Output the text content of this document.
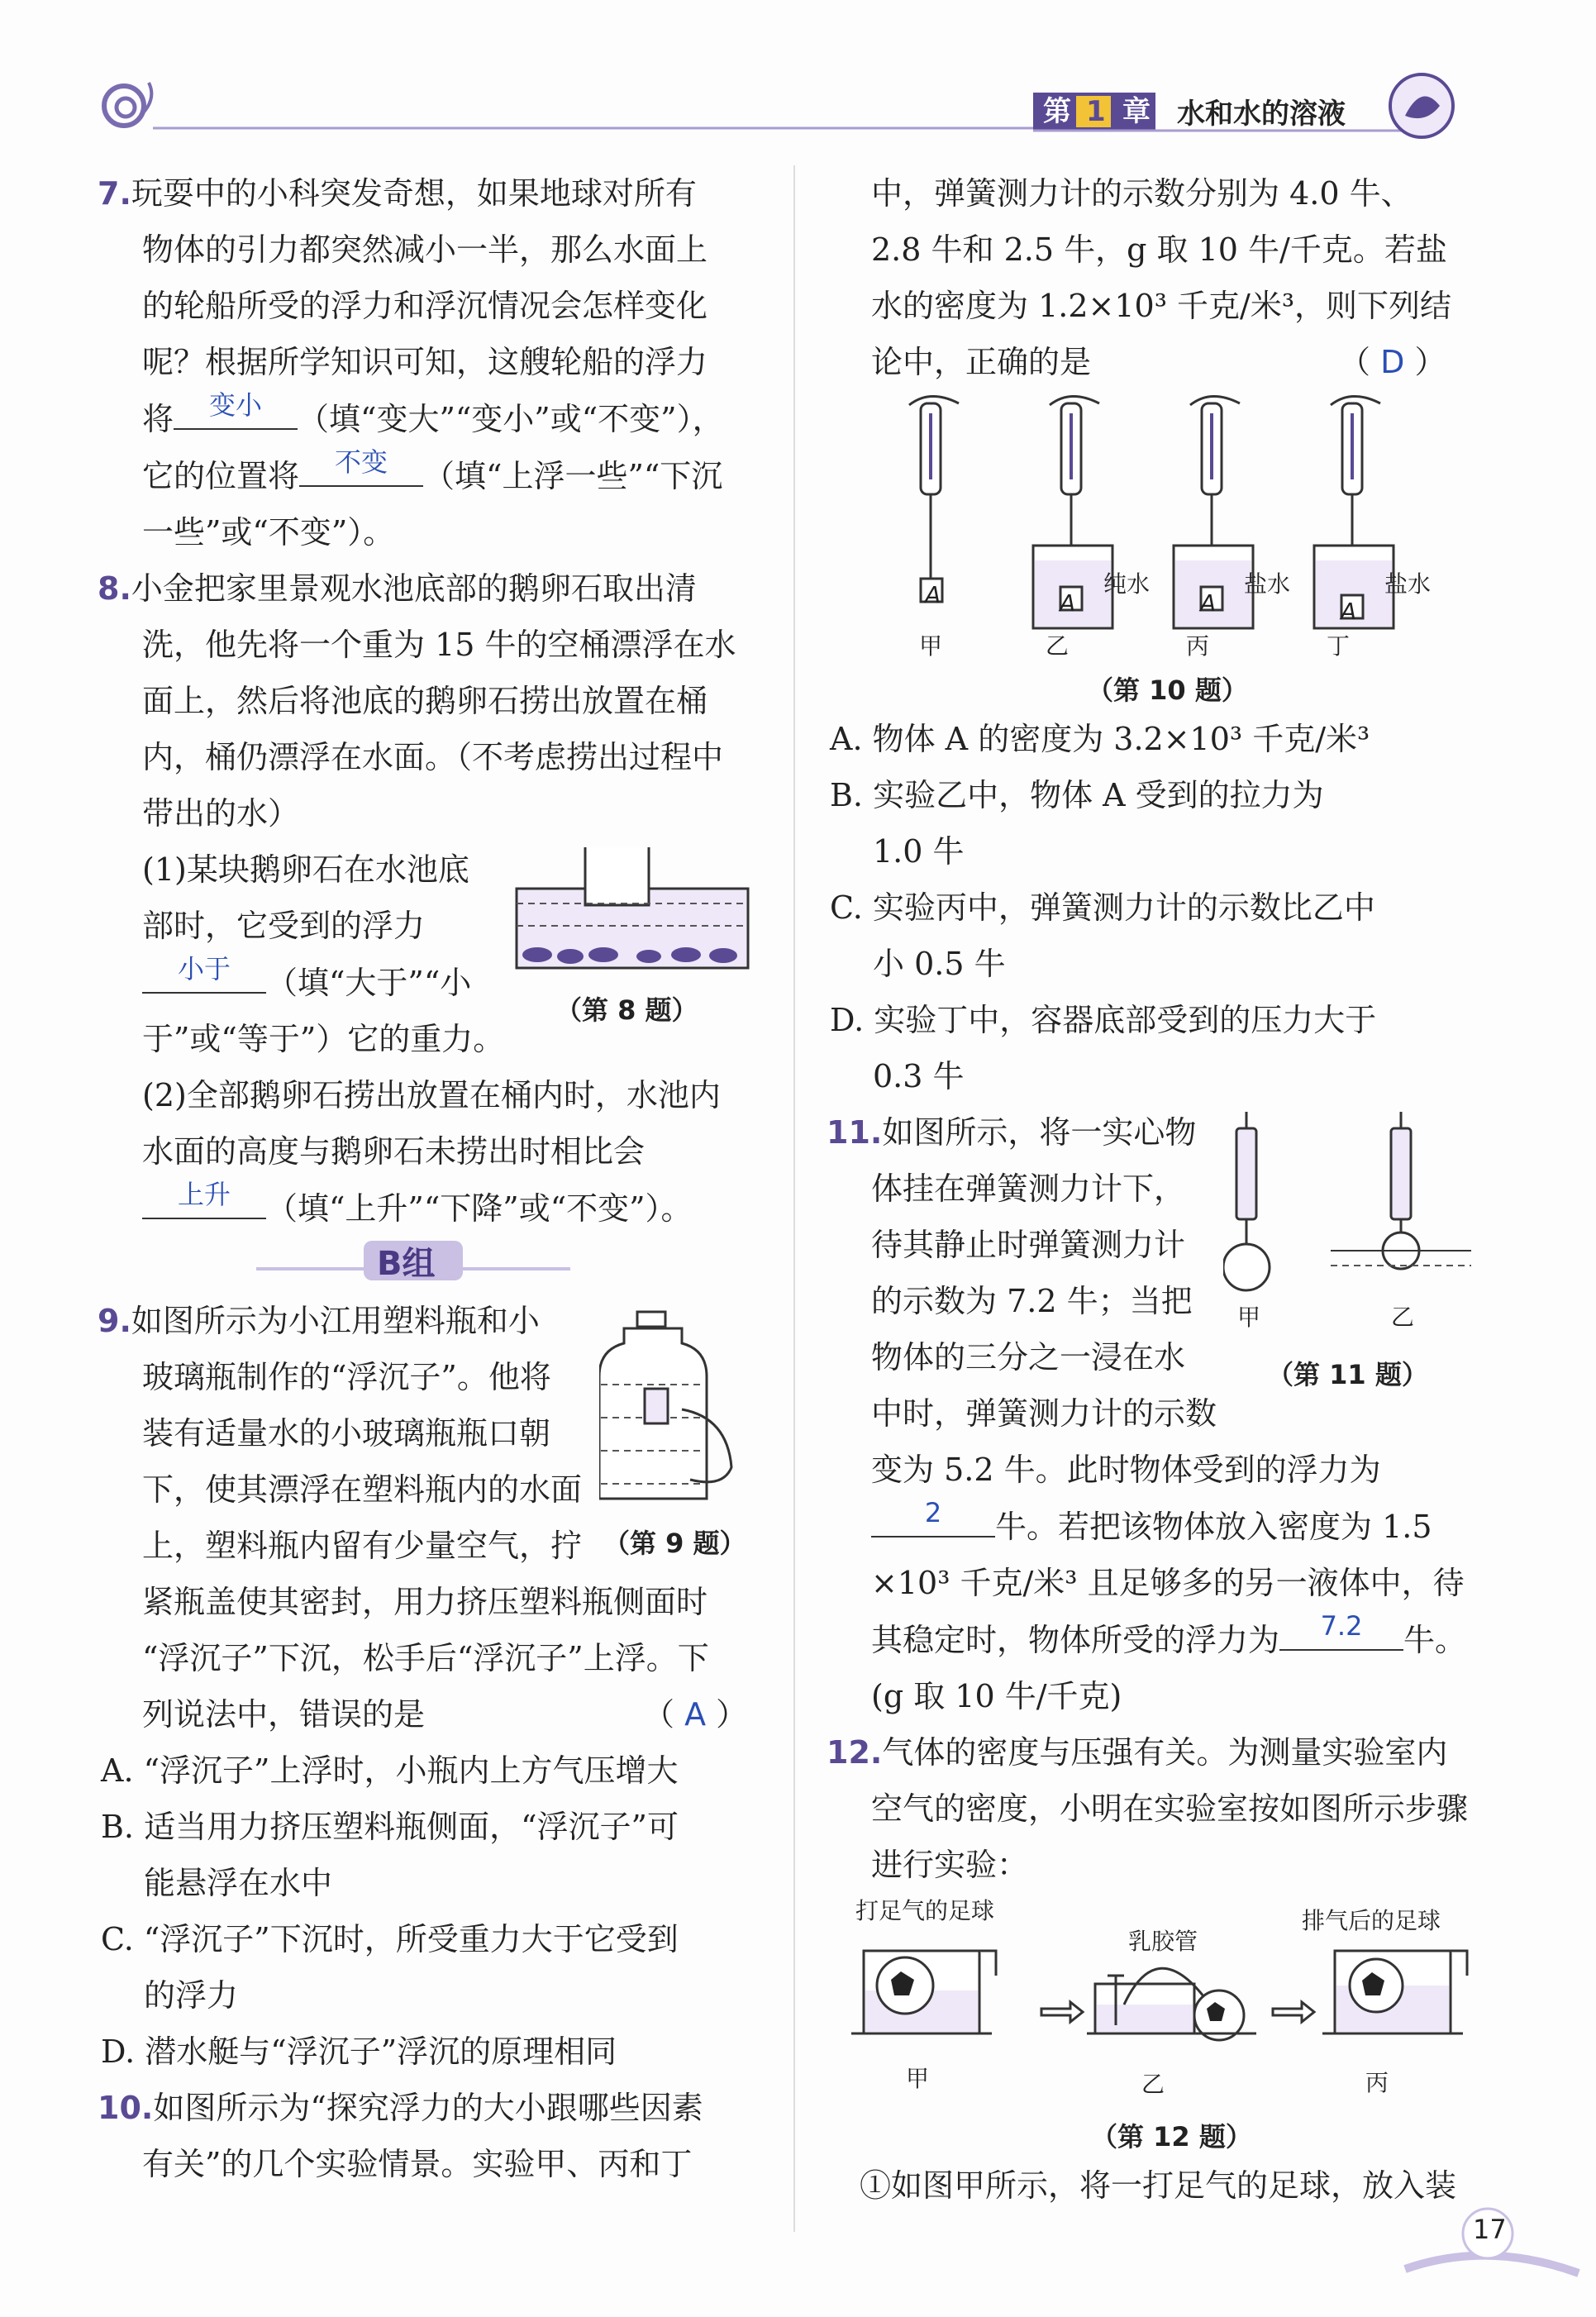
第 1 章 水和水的溶液

7.玩耍中的小科突发奇想，如果地球对所有

物体的引力都突然减小一半，那么水面上

的轮船所受的浮力和浮沉情况会怎样变化

呢？根据所学知识可知，这艘轮船的浮力

将	变小	（填“变大”“变小”或“不变”），

它的位置将	不变	（填“上浮一些”“下沉

一些”或“不变”）。

8.小金把家里景观水池底部的鹅卵石取出清

洗，他先将一个重为 15 牛的空桶漂浮在水

面上，然后将池底的鹅卵石捞出放置在桶

内，桶仍漂浮在水面。（不考虑捞出过程中

带出的水）

(1)某块鹅卵石在水池底

部时，它受到的浮力

小于	（填“大于”“小

于”或“等于”）它的重力。

(2)全部鹅卵石捞出放置在桶内时，水池内

水面的高度与鹅卵石未捞出时相比会

上升	（填“上升”“下降”或“不变”）。

9.如图所示为小江用塑料瓶和小

玻璃瓶制作的“浮沉子”。他将

装有适量水的小玻璃瓶瓶口朝

下，使其漂浮在塑料瓶内的水面

上，塑料瓶内留有少量空气，拧

紧瓶盖使其密封，用力挤压塑料瓶侧面时

“浮沉子”下沉，松手后“浮沉子”上浮。下

列说法中，错误的是	（ A ）

A. “浮沉子”上浮时，小瓶内上方气压增大

B. 适当用力挤压塑料瓶侧面，“浮沉子”可

能悬浮在水中

C. “浮沉子”下沉时，所受重力大于它受到

的浮力

D. 潜水艇与“浮沉子”浮沉的原理相同

10.如图所示为“探究浮力的大小跟哪些因素

有关”的几个实验情景。实验甲、丙和丁

（第 8 题）
（第 9 题）
B组

中，弹簧测力计的示数分别为 4.0 牛、

2.8 牛和 2.5 牛，g 取 10 牛/千克。若盐

水的密度为 1.2×10³ 千克/米³，则下列结

论中，正确的是	（ D ）

A	A	A	A
纯水	盐水	盐水
甲	乙	丙	丁
（第 10 题）

A. 物体 A 的密度为 3.2×10³ 千克/米³

B. 实验乙中，物体 A 受到的拉力为

1.0 牛

C. 实验丙中，弹簧测力计的示数比乙中

小 0.5 牛

D. 实验丁中，容器底部受到的压力大于

0.3 牛

11.如图所示，将一实心物

体挂在弹簧测力计下，

待其静止时弹簧测力计

的示数为 7.2 牛；当把

物体的三分之一浸在水

中时，弹簧测力计的示数

变为 5.2 牛。此时物体受到的浮力为

2	牛。若把该物体放入密度为 1.5

×10³ 千克/米³ 且足够多的另一液体中，待

其稳定时，物体所受的浮力为	7.2	牛。

(g 取 10 牛/千克)

12.气体的密度与压强有关。为测量实验室内

空气的密度，小明在实验室按如图所示步骤

进行实验：

甲	乙
（第 11 题）
打足气的足球
乳胶管
排气后的足球
甲	乙	丙
（第 12 题）

①如图甲所示，将一打足气的足球，放入装

17
